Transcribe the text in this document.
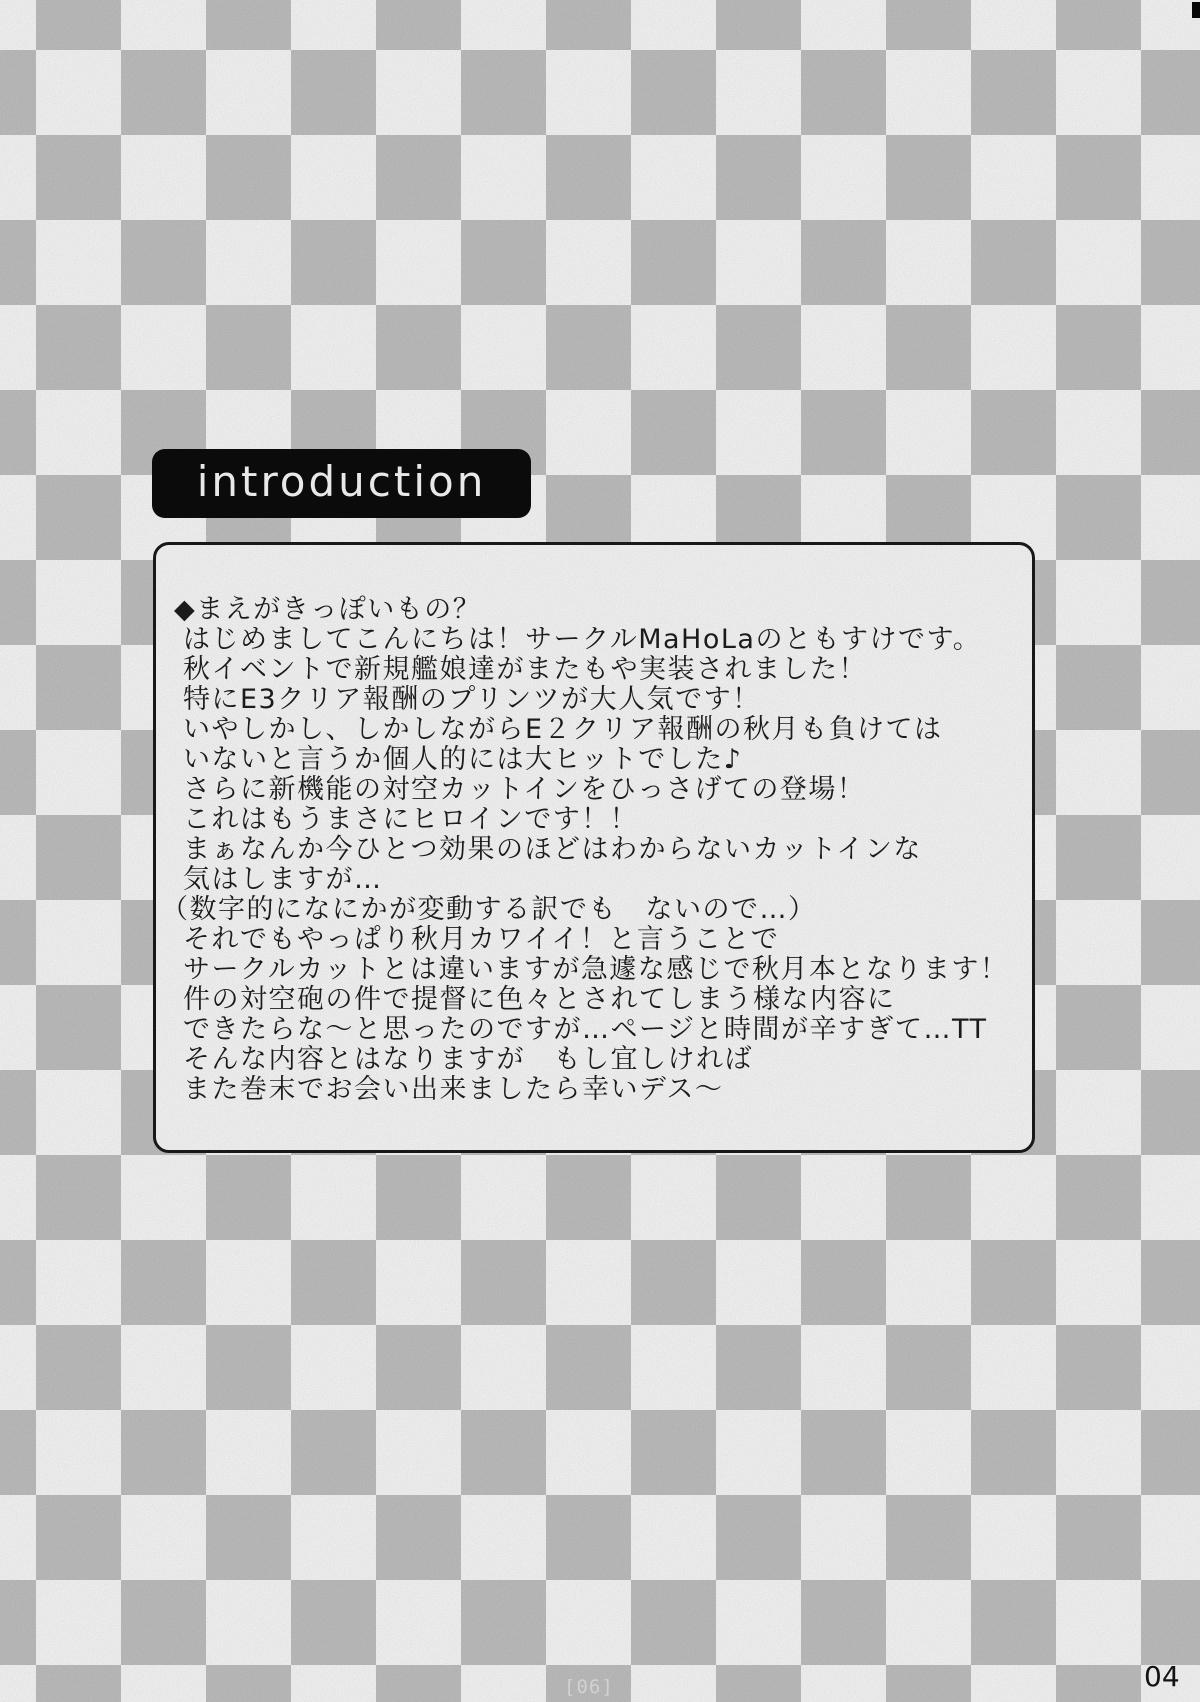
introduction
◆まえがきっぽいもの？
はじめましてこんにちは！サークルMaHoLaのともすけです。
秋イベントで新規艦娘達がまたもや実装されました！
特にE3クリア報酬のプリンツが大人気です！
いやしかし、しかしながらE２クリア報酬の秋月も負けては
いないと言うか個人的には大ヒットでした♪
さらに新機能の対空カットインをひっさげての登場！
これはもうまさにヒロインです！！
まぁなんか今ひとつ効果のほどはわからないカットインな
気はしますが…
（数字的になにかが変動する訳でも　ないので…）
それでもやっぱり秋月カワイイ！と言うことで
サークルカットとは違いますが急遽な感じで秋月本となります！
件の対空砲の件で提督に色々とされてしまう様な内容に
できたらな～と思ったのですが…ページと時間が辛すぎて…TT
そんな内容とはなりますが　もし宜しければ
また巻末でお会い出来ましたら幸いデス～
[06]	04
